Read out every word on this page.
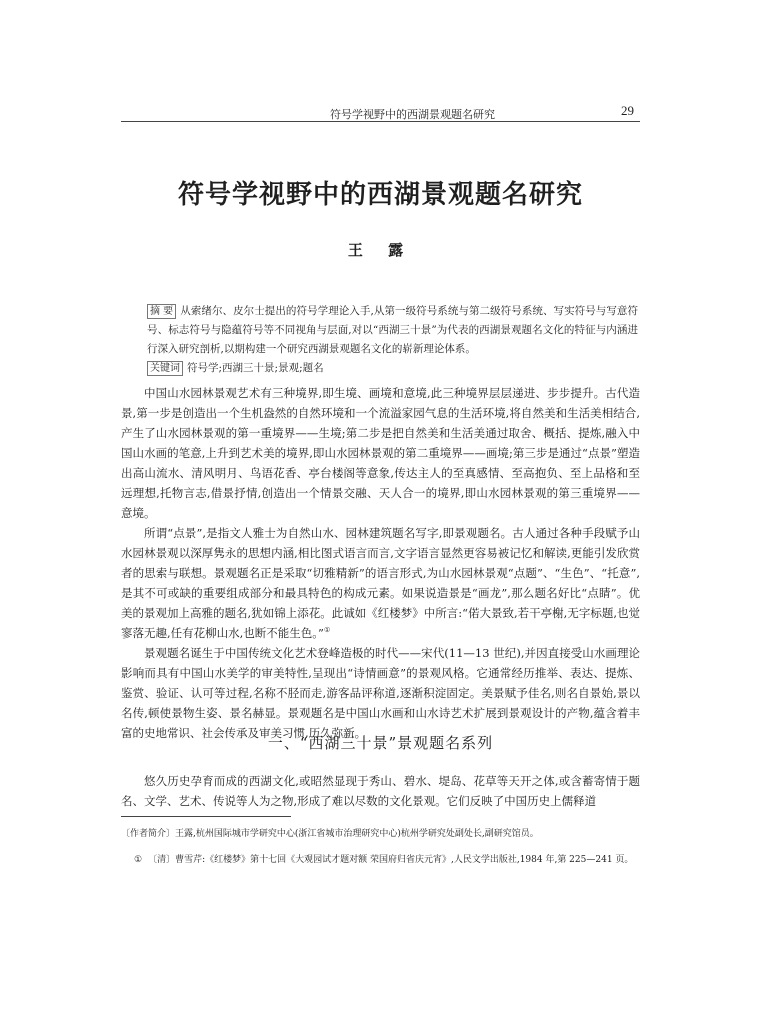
符号学视野中的西湖景观题名研究	29
符号学视野中的西湖景观题名研究
王 露
摘 要 从索绪尔、皮尔士提出的符号学理论入手,从第一级符号系统与第二级符号系统、写实符号与写意符号、标志符号与隐蕴符号等不同视角与层面,对以“西湖三十景”为代表的西湖景观题名文化的特征与内涵进行深入研究剖析,以期构建一个研究西湖景观题名文化的崭新理论体系。
关键词 符号学;西湖三十景;景观;题名

中国山水园林景观艺术有三种境界,即生境、画境和意境,此三种境界层层递进、步步提升。古代造景,第一步是创造出一个生机盎然的自然环境和一个流溢家园气息的生活环境,将自然美和生活美相结合,产生了山水园林景观的第一重境界——生境;第二步是把自然美和生活美通过取舍、概括、提炼,融入中国山水画的笔意,上升到艺术美的境界,即山水园林景观的第二重境界——画境;第三步是通过“点景”塑造出高山流水、清风明月、鸟语花香、亭台楼阁等意象,传达主人的至真感情、至高抱负、至上品格和至远理想,托物言志,借景抒情,创造出一个情景交融、天人合一的境界,即山水园林景观的第三重境界——意境。

所谓“点景”,是指文人雅士为自然山水、园林建筑题名写字,即景观题名。古人通过各种手段赋予山水园林景观以深厚隽永的思想内涵,相比图式语言而言,文字语言显然更容易被记忆和解读,更能引发欣赏者的思索与联想。景观题名正是采取“切雅精新”的语言形式,为山水园林景观“点题”、“生色”、“托意”,是其不可或缺的重要组成部分和最具特色的构成元素。如果说造景是“画龙”,那么题名好比“点睛”。优美的景观加上高雅的题名,犹如锦上添花。此诚如《红楼梦》中所言:“偌大景致,若干亭榭,无字标题,也觉寥落无趣,任有花柳山水,也断不能生色。”①

景观题名诞生于中国传统文化艺术登峰造极的时代——宋代(11—13 世纪),并因直接受山水画理论影响而具有中国山水美学的审美特性,呈现出“诗情画意”的景观风格。它通常经历推举、表达、提炼、鉴赏、验证、认可等过程,名称不胫而走,游客品评称道,逐渐积淀固定。美景赋予佳名,则名自景始,景以名传,顿使景物生姿、景名赫显。景观题名是中国山水画和山水诗艺术扩展到景观设计的产物,蕴含着丰富的史地常识、社会传承及审美习惯,历久弥新。

一、“西湖三十景”景观题名系列

悠久历史孕育而成的西湖文化,或昭然显现于秀山、碧水、堤岛、花草等天开之体,或含蓄寄情于题名、文学、艺术、传说等人为之物,形成了难以尽数的文化景观。它们反映了中国历史上儒释道

〔作者简介〕王露,杭州国际城市学研究中心(浙江省城市治理研究中心)杭州学研究处副处长,副研究馆员。
① 〔清〕曹雪芹:《红楼梦》第十七回《大观园试才题对额 荣国府归省庆元宵》,人民文学出版社,1984 年,第 225—241 页。
